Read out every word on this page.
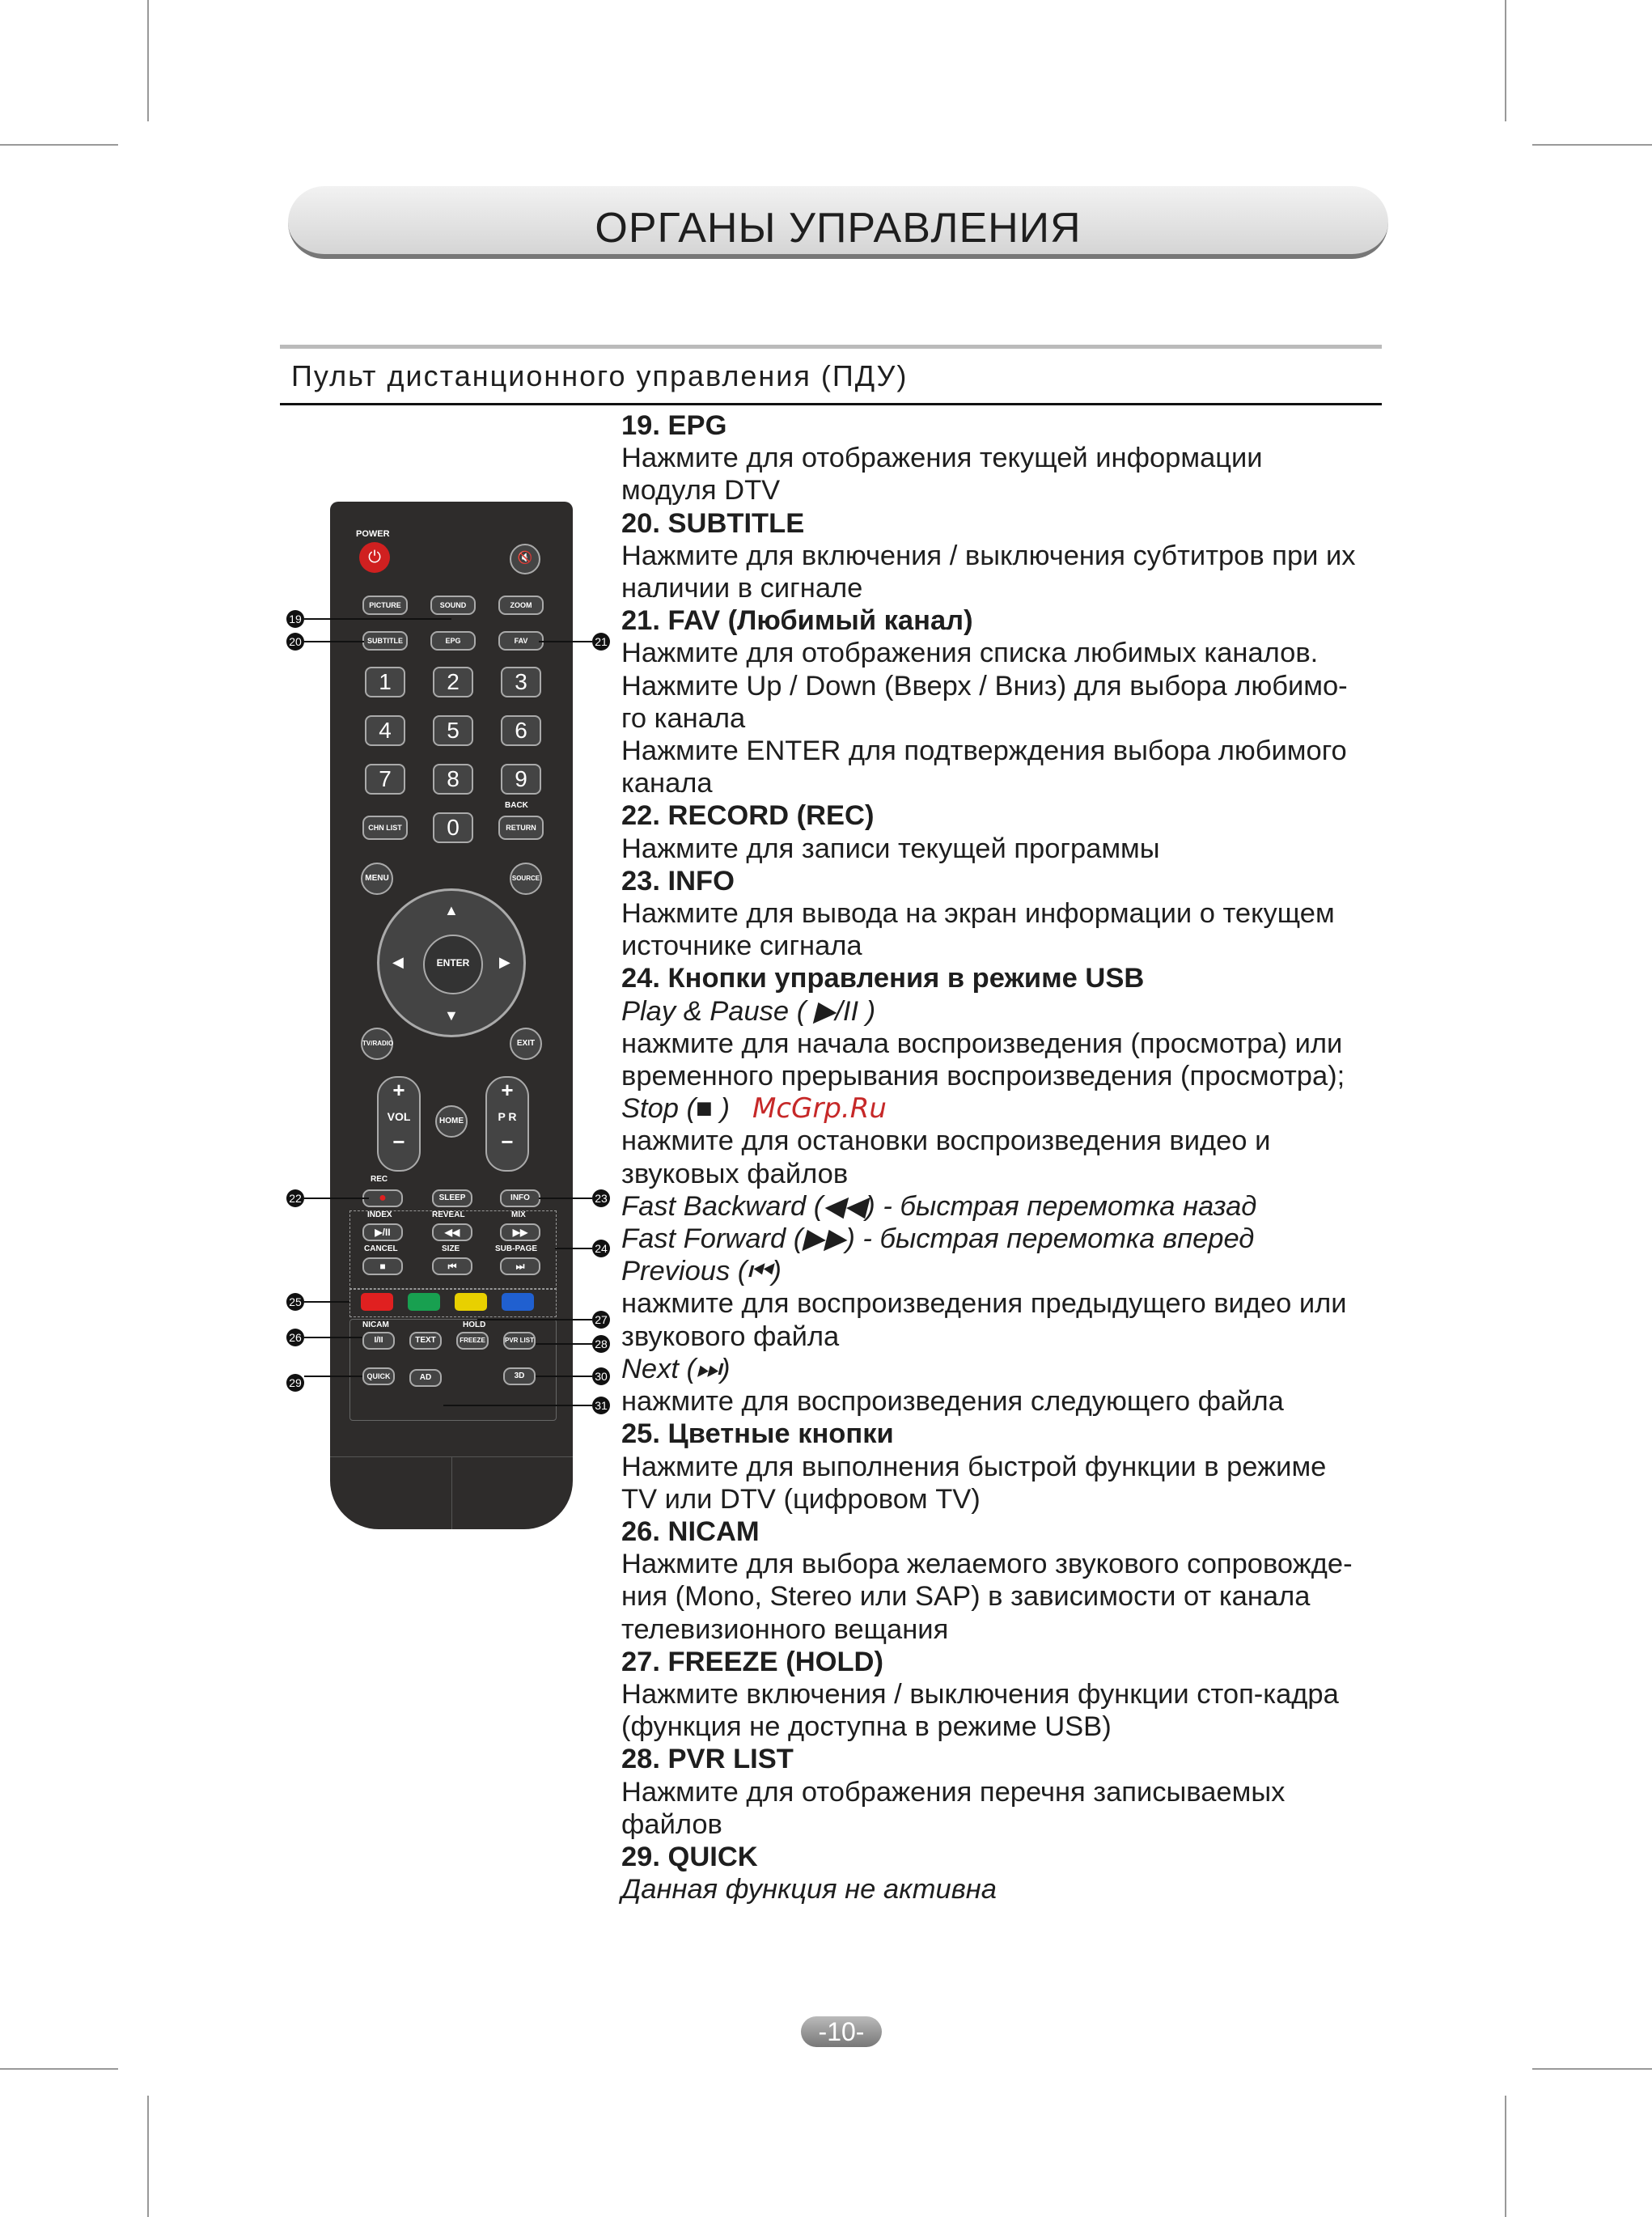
ОРГАНЫ УПРАВЛЕНИЯ
Пульт дистанционного управления (ПДУ)
19. EPG
Нажмите для отображения текущей информации
модуля DTV
20. SUBTITLE
Нажмите для включения / выключения субтитров при их
наличии в сигнале
21. FAV (Любимый канал)
Нажмите для отображения списка любимых каналов.
Нажмите Up / Down (Вверх / Вниз) для выбора любимо-
го канала
Нажмите ENTER для подтверждения выбора любимого
канала
22. RECORD (REC)
Нажмите для записи текущей программы
23. INFO
Нажмите для вывода на экран информации о текущем
источнике сигнала
24. Кнопки управления в режиме USB
Play & Pause ( ▶/II )
нажмите для начала воспроизведения (просмотра) или
временного прерывания воспроизведения (просмотра);
Stop (■ )
нажмите для остановки воспроизведения видео и
звуковых файлов
Fast Backward (◀◀) - быстрая перемотка назад
Fast Forward (▶▶) - быстрая перемотка вперед
Previous (⏮)
нажмите для воспроизведения предыдущего видео или
звукового файла
Next (⏭)
нажмите для воспроизведения следующего файла
25. Цветные кнопки
Нажмите для выполнения быстрой функции в режиме
TV или DTV (цифровом TV)
26. NICAM
Нажмите для выбора желаемого звукового сопровожде-
ния (Mono, Stereo или SAP) в зависимости от канала
телевизионного вещания
27. FREEZE (HOLD)
Нажмите включения / выключения функции стоп-кадра
(функция не доступна в режиме USB)
28. PVR LIST
Нажмите для отображения перечня записываемых
файлов
29. QUICK
Данная функция не активна
McGrp.Ru
POWER
⏻	🔇
PICTURE	SOUND	ZOOM
SUBTITLE	EPG	FAV
1	2	3
4	5	6
7	8	9
BACK
CHN LIST	0	RETURN
MENU	SOURCE
▲
▼
◀	▶
ENTER
TV/RADIO	EXIT
+
VOL
−
HOME
+
P R
−
REC
●	SLEEP	INFO
INDEX	REVEAL	MIX
▶/II	◀◀	▶▶
CANCEL	SIZE	SUB-PAGE
■	⏮	⏭
NICAM	HOLD
I/II	TEXT	FREEZE	PVR LIST
QUICK	AD	3D
19
20	21
22	23
24
25
26
27
28
29	30
31
-10-
